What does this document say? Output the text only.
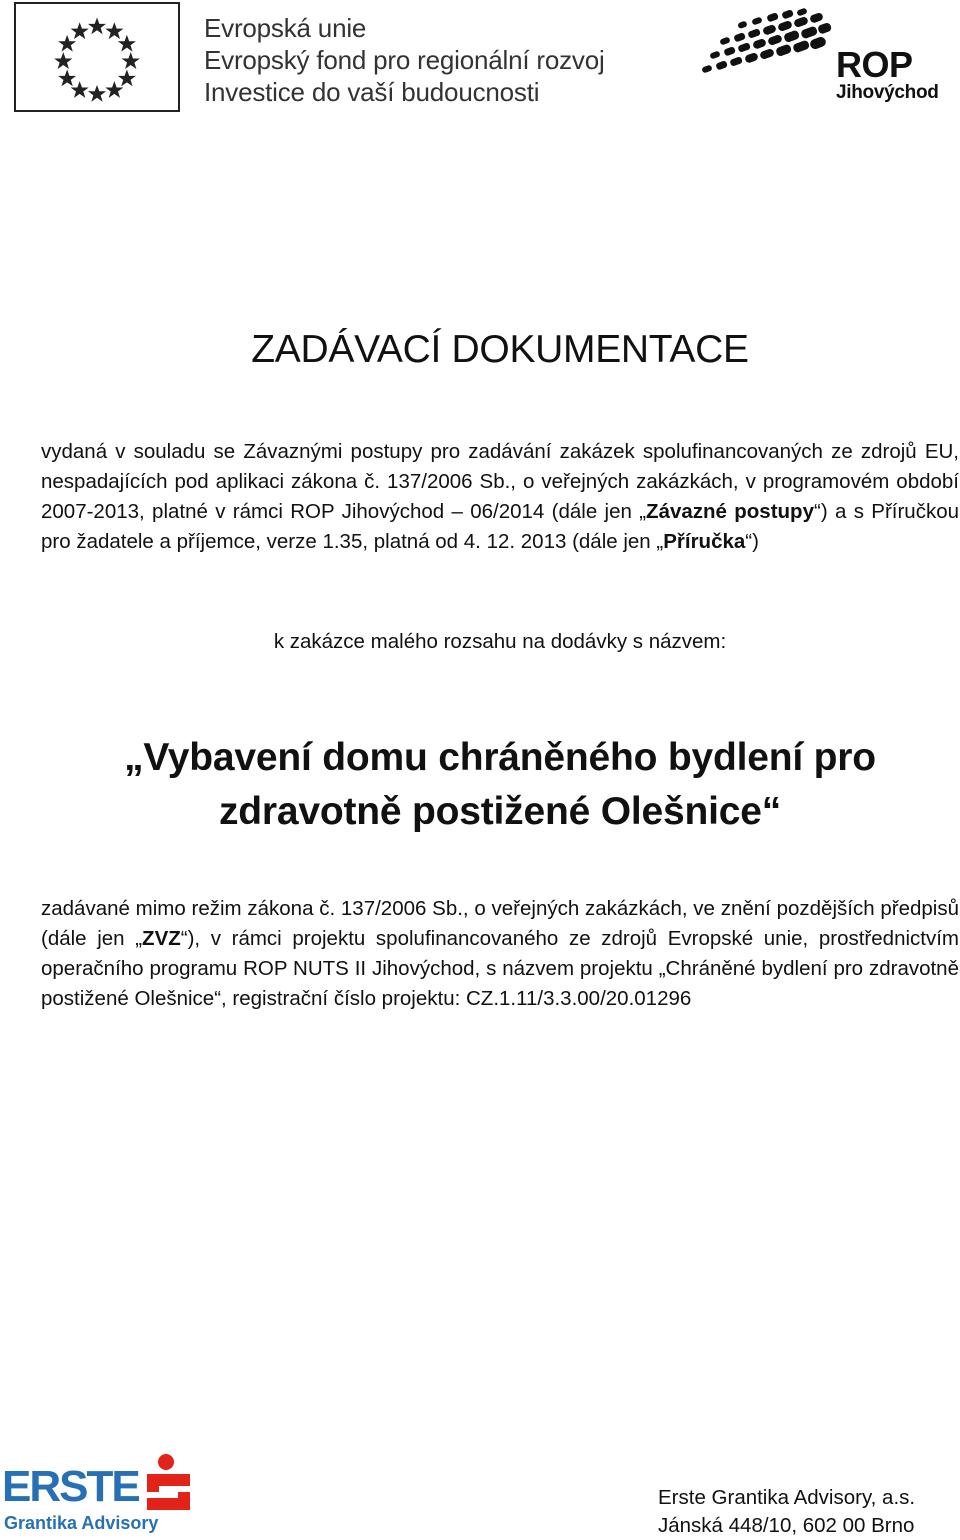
Evropská unie
Evropský fond pro regionální rozvoj
Investice do vaší budoucnosti
ROP
Jihovýchod
ZADÁVACÍ DOKUMENTACE
vydaná v souladu se Závaznými postupy pro zadávání zakázek spolufinancovaných ze zdrojů EU, nespadajících pod aplikaci zákona č. 137/2006 Sb., o veřejných zakázkách, v programovém období 2007-2013, platné v rámci ROP Jihovýchod – 06/2014 (dále jen „Závazné postupy“) a s Příručkou pro žadatele a příjemce, verze 1.35, platná od 4. 12. 2013 (dále jen „Příručka“)
k zakázce malého rozsahu na dodávky s názvem:
„Vybavení domu chráněného bydlení pro
zdravotně postižené Olešnice“
zadávané mimo režim zákona č. 137/2006 Sb., o veřejných zakázkách, ve znění pozdějších předpisů (dále jen „ZVZ“), v rámci projektu spolufinancovaného ze zdrojů Evropské unie, prostřednictvím operačního programu ROP NUTS II Jihovýchod, s názvem projektu „Chráněné bydlení pro zdravotně postižené Olešnice“, registrační číslo projektu: CZ.1.11/3.3.00/20.01296
ERSTE
Grantika Advisory
Erste Grantika Advisory, a.s.
Jánská 448/10, 602 00 Brno
